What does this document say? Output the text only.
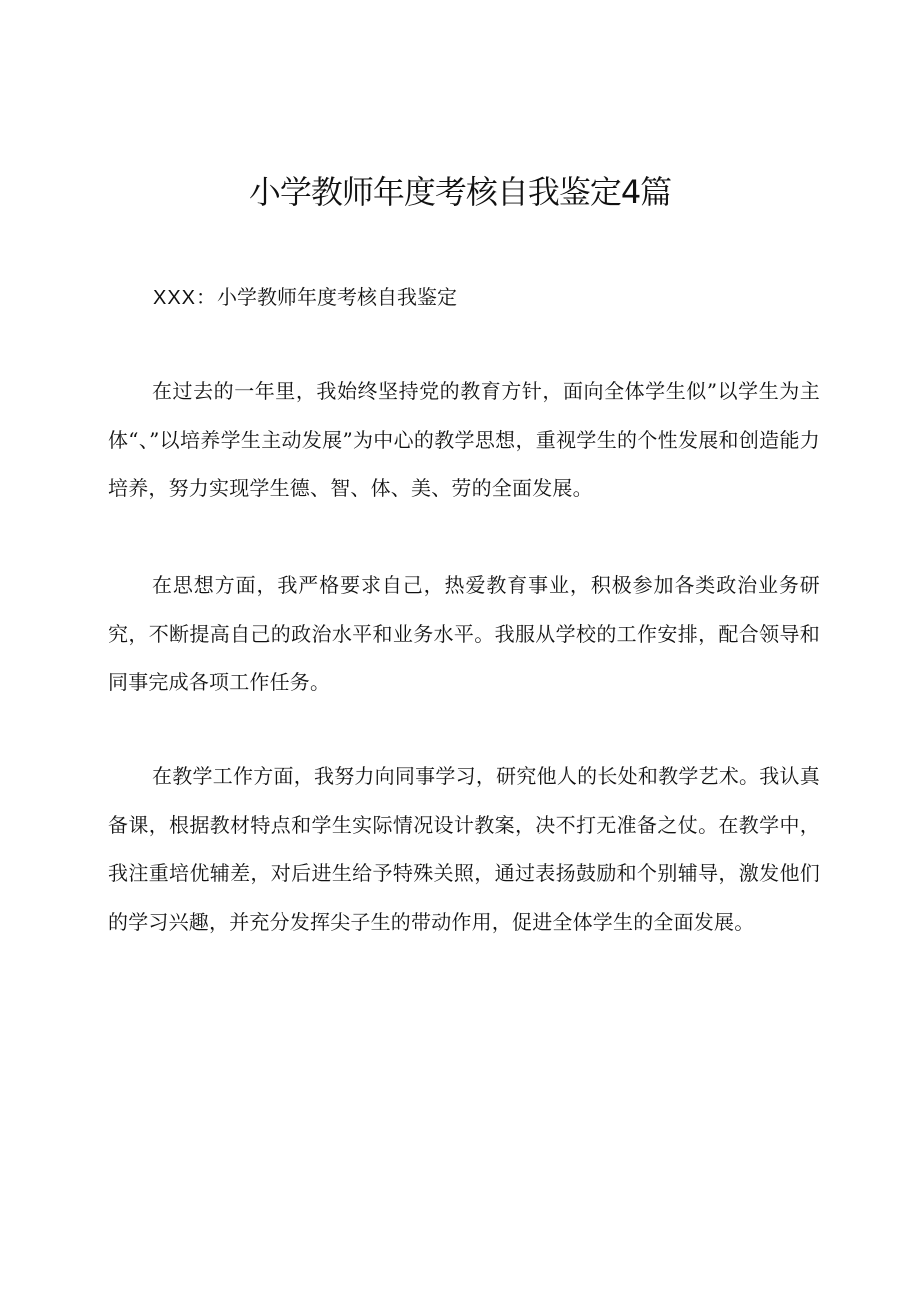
小学教师年度考核自我鉴定4篇

XXX：小学教师年度考核自我鉴定

在过去的一年里，我始终坚持党的教育方针，面向全体学生似”以学生为主体“、”以培养学生主动发展”为中心的教学思想，重视学生的个性发展和创造能力培养，努力实现学生德、智、体、美、劳的全面发展。

在思想方面，我严格要求自己，热爱教育事业，积极参加各类政治业务研究，不断提高自己的政治水平和业务水平。我服从学校的工作安排，配合领导和同事完成各项工作任务。

在教学工作方面，我努力向同事学习，研究他人的长处和教学艺术。我认真备课，根据教材特点和学生实际情况设计教案，决不打无准备之仗。在教学中，我注重培优辅差，对后进生给予特殊关照，通过表扬鼓励和个别辅导，激发他们的学习兴趣，并充分发挥尖子生的带动作用，促进全体学生的全面发展。
